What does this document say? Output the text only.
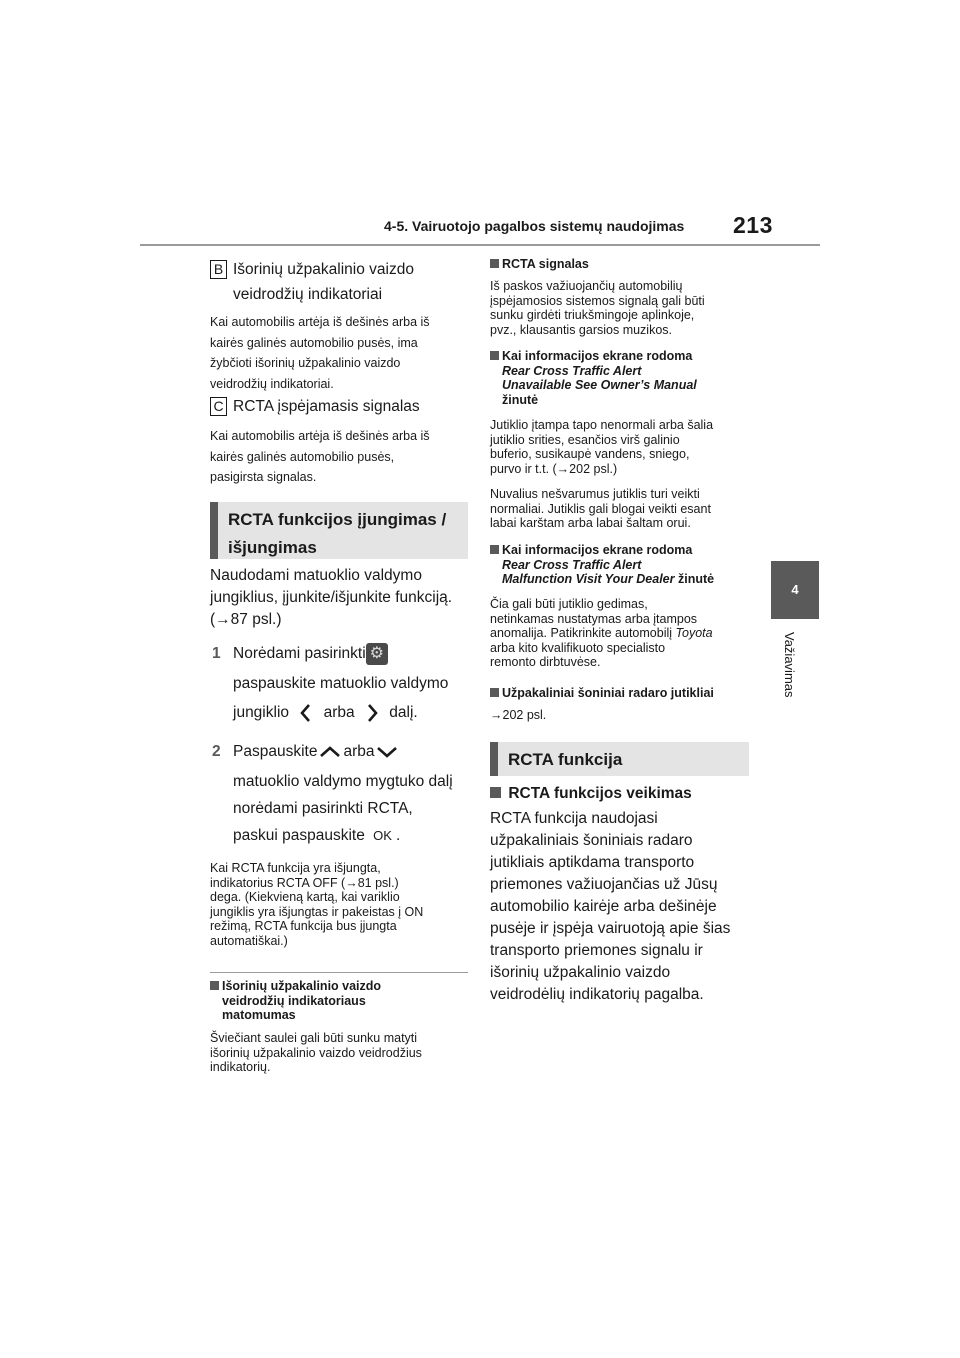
4-5. Vairuotojo pagalbos sistemų naudojimas 213
4
Važiavimas
B Išorinių užpakalinio vaizdo
veidrodžių indikatoriai
Kai automobilis artėja iš dešinės arba iš
kairės galinės automobilio pusės, ima
žybčioti išorinių užpakalinio vaizdo
veidrodžių indikatoriai.
C RCTA įspėjamasis signalas
Kai automobilis artėja iš dešinės arba iš
kairės galinės automobilio pusės,
pasigirsta signalas.
RCTA funkcijos įjungimas /
išjungimas
Naudodami matuoklio valdymo
jungiklius, įjunkite/išjunkite funkciją.
(→87 psl.)
1 Norėdami pasirinkti⚙
paspauskite matuoklio valdymo
jungiklio arba dalį.
2 Paspauskite arba
matuoklio valdymo mygtuko dalį
norėdami pasirinkti RCTA,
paskui paspauskite OK .
Kai RCTA funkcija yra išjungta,
indikatorius RCTA OFF (→81 psl.)
dega. (Kiekvieną kartą, kai variklio
jungiklis yra išjungtas ir pakeistas į ON
režimą, RCTA funkcija bus įjungta
automatiškai.)
Išorinių užpakalinio vaizdo
veidrodžių indikatoriaus
matomumas
Šviečiant saulei gali būti sunku matyti
išorinių užpakalinio vaizdo veidrodžius
indikatorių.
RCTA signalas
Iš paskos važiuojančių automobilių
įspėjamosios sistemos signalą gali būti
sunku girdėti triukšmingoje aplinkoje,
pvz., klausantis garsios muzikos.
Kai informacijos ekrane rodoma
Rear Cross Traffic Alert
Unavailable See Owner’s Manual
žinutė
Jutiklio įtampa tapo nenormali arba šalia
jutiklio srities, esančios virš galinio
buferio, susikaupė vandens, sniego,
purvo ir t.t. (→202 psl.)
Nuvalius nešvarumus jutiklis turi veikti
normaliai. Jutiklis gali blogai veikti esant
labai karštam arba labai šaltam orui.
Kai informacijos ekrane rodoma
Rear Cross Traffic Alert
Malfunction Visit Your Dealer žinutė
Čia gali būti jutiklio gedimas,
netinkamas nustatymas arba įtampos
anomalija. Patikrinkite automobilį Toyota
arba kito kvalifikuoto specialisto
remonto dirbtuvėse.
Užpakaliniai šoniniai radaro jutikliai
→202 psl.
RCTA funkcija
RCTA funkcijos veikimas
RCTA funkcija naudojasi
užpakaliniais šoniniais radaro
jutikliais aptikdama transporto
priemones važiuojančias už Jūsų
automobilio kairėje arba dešinėje
pusėje ir įspėja vairuotoją apie šias
transporto priemones signalu ir
išorinių užpakalinio vaizdo
veidrodėlių indikatorių pagalba.
